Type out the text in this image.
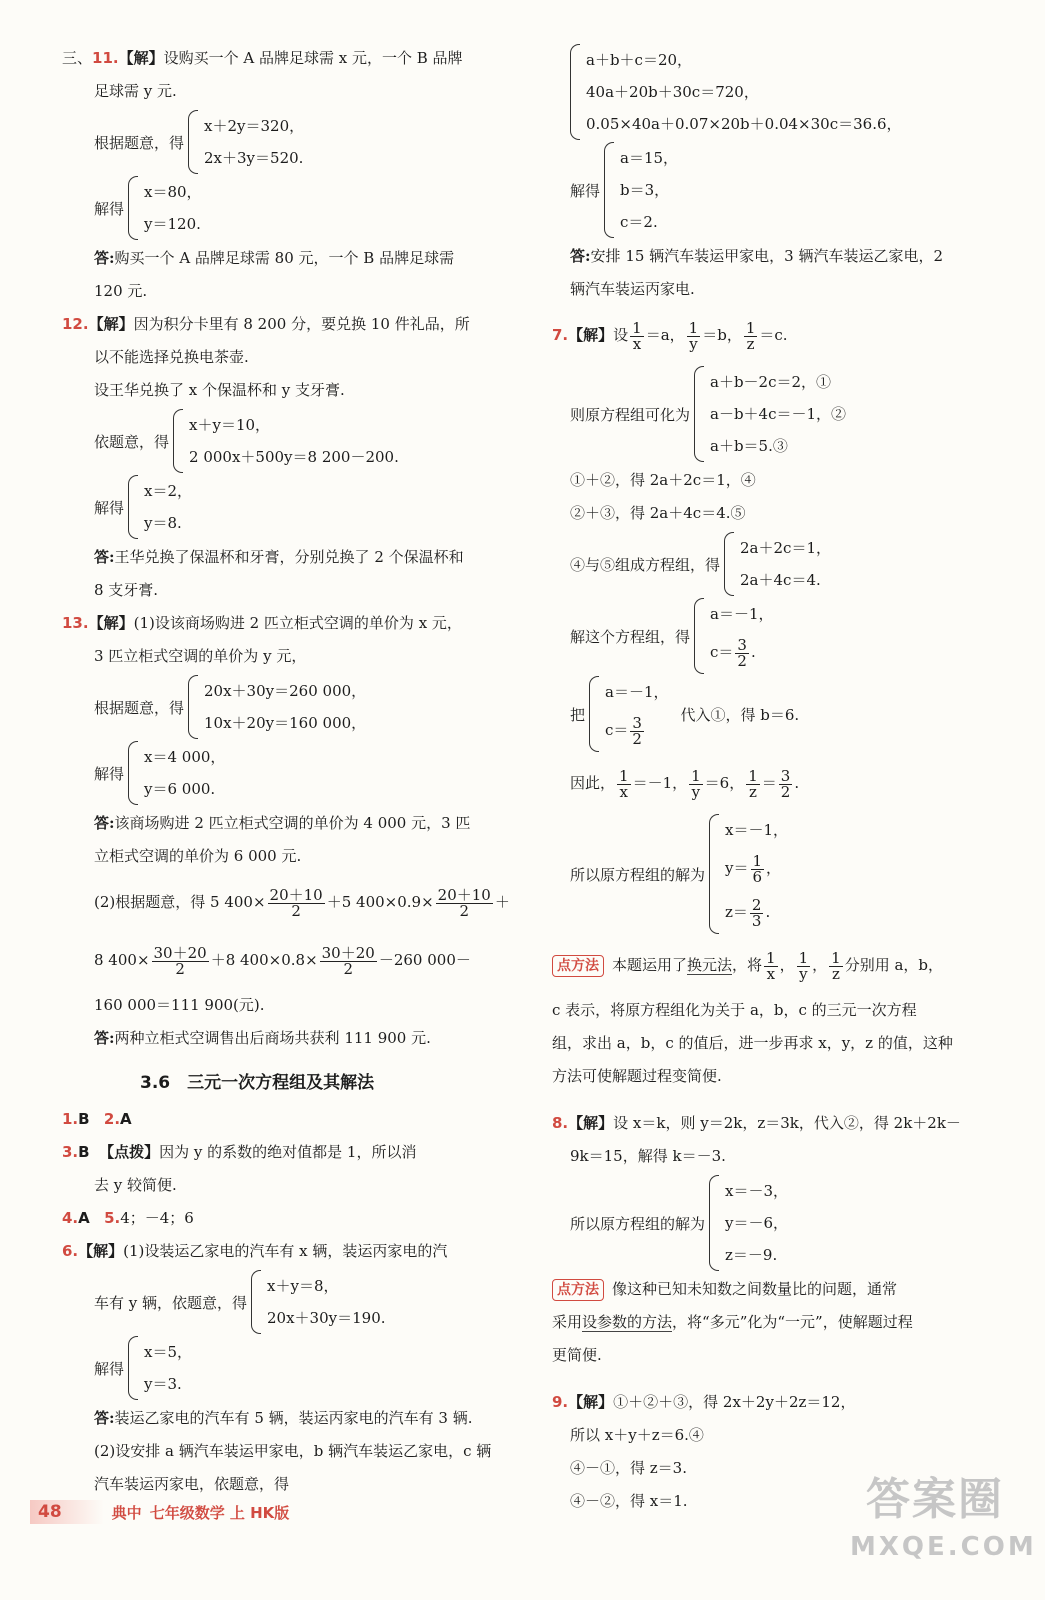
三、11.【解】设购买一个 A 品牌足球需 x 元，一个 B 品牌
足球需 y 元.
根据题意，得
x＋2y＝320，
2x＋3y＝520.
解得
x＝80，
y＝120.
答:购买一个 A 品牌足球需 80 元，一个 B 品牌足球需
120 元.
12.【解】因为积分卡里有 8 200 分，要兑换 10 件礼品，所
以不能选择兑换电茶壶.
设王华兑换了 x 个保温杯和 y 支牙膏.
依题意，得
x＋y＝10，
2 000x＋500y＝8 200－200.
解得
x＝2，
y＝8.
答:王华兑换了保温杯和牙膏，分别兑换了 2 个保温杯和
8 支牙膏.
13.【解】(1)设该商场购进 2 匹立柜式空调的单价为 x 元，
3 匹立柜式空调的单价为 y 元，
根据题意，得
20x＋30y＝260 000，
10x＋20y＝160 000，
解得
x＝4 000，
y＝6 000.
答:该商场购进 2 匹立柜式空调的单价为 4 000 元，3 匹
立柜式空调的单价为 6 000 元.
(2)根据题意，得 5 $400\times \frac{20+10}{2} +5$ $400\times 0.9\times \frac{20+10}{2}$ ＋
8 $400\times \frac{30+20}{2} +8$ $400\times 0.8\times \frac{30+20}{2} -260$ 000－
160 000＝111 900(元).
答:两种立柜式空调售出后商场共获利 111 900 元.
3.6　三元一次方程组及其解法
1.B 2.A
3.B 【点拨】因为 y 的系数的绝对值都是 1，所以消
去 y 较简便.
4.A 5.4；－4；6
6.【解】(1)设装运乙家电的汽车有 x 辆，装运丙家电的汽
车有 y 辆，依题意，得
x＋y＝8，
20x＋30y＝190.
解得
x＝5，
y＝3.
答:装运乙家电的汽车有 5 辆，装运丙家电的汽车有 3 辆.
(2)设安排 a 辆汽车装运甲家电，b 辆汽车装运乙家电，c 辆
汽车装运丙家电，依题意，得
a＋b＋c＝20，
40a＋20b＋30c＝720，
0.05×40a＋0.07×20b＋0.04×30c＝36.6，
解得
a＝15，
b＝3，
c＝2.
答:安排 15 辆汽车装运甲家电，3 辆汽车装运乙家电，2
辆汽车装运丙家电.
7.【解】设 $\frac{1}{x} =a$， $\frac{1}{y} =b$， $\frac{1}{z} =c$.
则原方程组可化为
a＋b－2c＝2，①
a－b＋4c＝－1，②
a＋b＝5.③
①＋②，得 2a＋2c＝1，④
②＋③，得 2a＋4c＝4.⑤
④与⑤组成方程组，得
2a＋2c＝1，
2a＋4c＝4.
解这个方程组，得
a＝－1，
$c= \frac{3}{2}$ .
把
a＝－1，
$c= \frac{3}{2}$
代入①，得 b＝6.
因此， $\frac{1}{x} =-1$， $\frac{1}{y} =6$， $\frac{1}{z} = \frac{3}{2}$ .
所以原方程组的解为
x＝－1，
$y= \frac{1}{6}$ ，
$z= \frac{2}{3}$ .
点方法 本题运用了换元法，将 $\frac{1}{x}$ ， $\frac{1}{y}$ ， $\frac{1}{z}$ 分别用 a，b，
c 表示，将原方程组化为关于 a，b，c 的三元一次方程
组，求出 a，b，c 的值后，进一步再求 x，y，z 的值，这种
方法可使解题过程变简便.
8.【解】设 x＝k，则 y＝2k，z＝3k，代入②，得 2k＋2k－
9k＝15，解得 k＝－3.
所以原方程组的解为
x＝－3，
y＝－6，
z＝－9.
点方法 像这种已知未知数之间数量比的问题，通常
采用设参数的方法，将“多元”化为“一元”，使解题过程
更简便.
9.【解】①＋②＋③，得 2x＋2y＋2z＝12，
所以 x＋y＋z＝6.④
④－①，得 z＝3.
④－②，得 x＝1.
48	典中 七年级数学 上 HK版	答案圈
MXQE.COM
